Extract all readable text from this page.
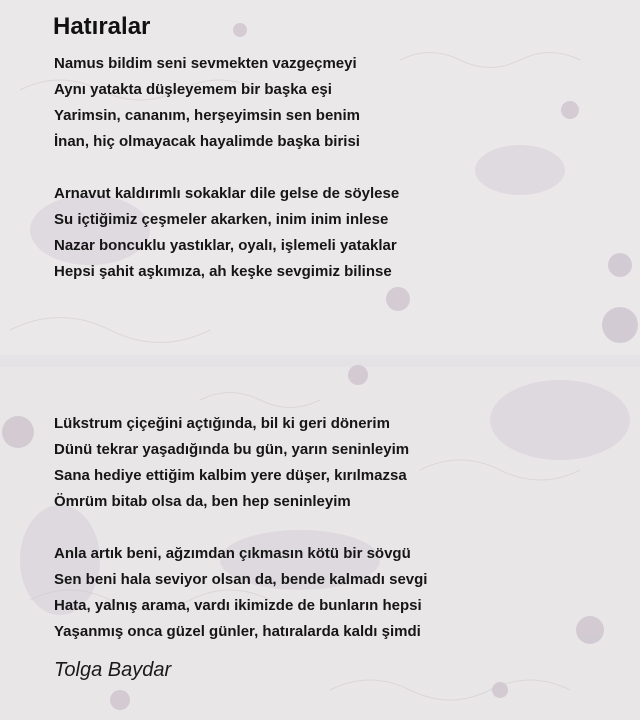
Hatıralar
Namus bildim seni sevmekten vazgeçmeyi
Aynı yatakta düşleyemem bir başka eşi
Yarimsin, cananım, herşeyimsin sen benim
İnan, hiç olmayacak hayalimde başka birisi
Arnavut kaldırımlı sokaklar dile gelse de söylese
Su içtiğimiz çeşmeler akarken, inim inim inlese
Nazar boncuklu yastıklar, oyalı, işlemeli yataklar
Hepsi şahit aşkımıza, ah keşke sevgimiz bilinse
Lükstrum çiçeğini açtığında, bil ki geri dönerim
Dünü tekrar yaşadığında bu gün, yarın seninleyim
Sana hediye ettiğim kalbim yere düşer, kırılmazsa
Ömrüm bitab olsa da, ben hep seninleyim
Anla artık beni, ağzımdan çıkmasın kötü bir sövgü
Sen beni hala seviyor olsan da, bende kalmadı sevgi
Hata, yalnış arama, vardı ikimizde de bunların hepsi
Yaşanmış onca güzel günler, hatıralarda kaldı şimdi
Tolga Baydar
